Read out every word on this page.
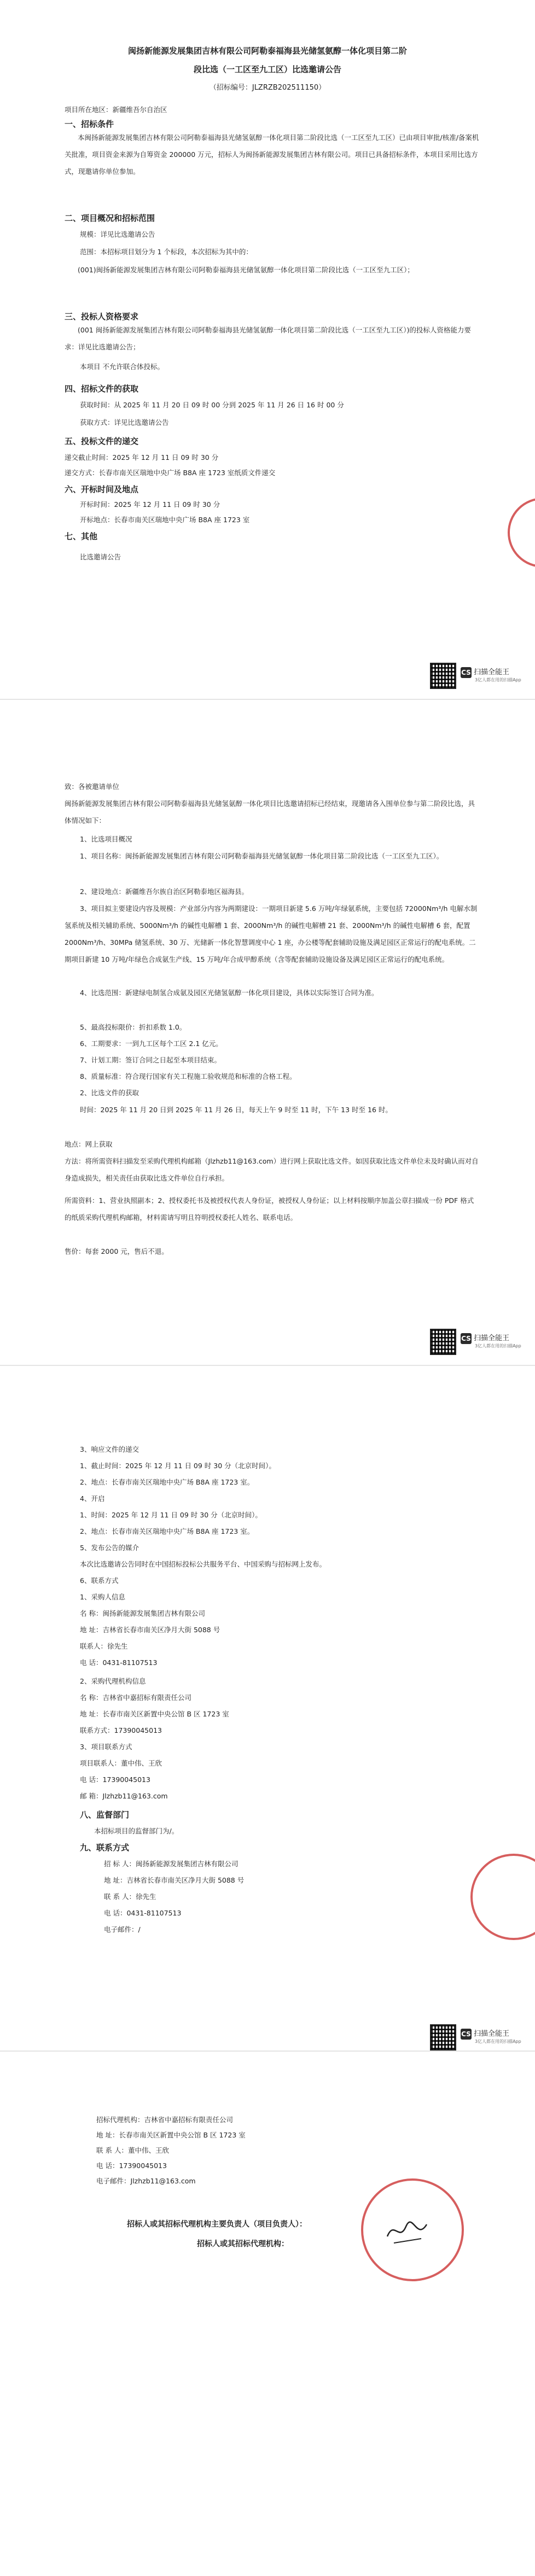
闽扬新能源发展集团吉林有限公司阿勒泰福海县光储氢氨醇一体化项目第二阶
段比选（一工区至九工区）比选邀请公告
（招标编号：JLZRZB202511150）
项目所在地区：新疆维吾尔自治区
一、招标条件
本闽扬新能源发展集团吉林有限公司阿勒泰福海县光储氢氨醇一体化项目第二阶段比选（一工区至九工区）已由项目审批/核准/备案机关批准，项目资金来源为自筹资金 200000 万元，招标人为闽扬新能源发展集团吉林有限公司。项目已具备招标条件，本项目采用比选方式，现邀请你单位参加。
二、项目概况和招标范围
规模：详见比选邀请公告
范围：本招标项目划分为 1 个标段，本次招标为其中的：
(001)闽扬新能源发展集团吉林有限公司阿勒泰福海县光储氢氨醇一体化项目第二阶段比选（一工区至九工区）；
三、投标人资格要求
(001 闽扬新能源发展集团吉林有限公司阿勒泰福海县光储氢氨醇一体化项目第二阶段比选（一工区至九工区）)的投标人资格能力要求：详见比选邀请公告；
本项目 不允许联合体投标。
四、招标文件的获取
获取时间：从 2025 年 11 月 20 日 09 时 00 分到 2025 年 11 月 26 日 16 时 00 分
获取方式：详见比选邀请公告
五、投标文件的递交
递交截止时间：2025 年 12 月 11 日 09 时 30 分
递交方式：长春市南关区瑞地中央广场 B8A 座 1723 室纸质文件递交
六、开标时间及地点
开标时间：2025 年 12 月 11 日 09 时 30 分
开标地点：长春市南关区瑞地中央广场 B8A 座 1723 室
七、其他
比选邀请公告
CS 扫描全能王
3亿人都在用的扫描App
致：各被邀请单位
闽扬新能源发展集团吉林有限公司阿勒泰福海县光储氢氨醇一体化项目比选邀请招标已经结束，现邀请各入围单位参与第二阶段比选，具体情况如下：
1、比选项目概况
1、项目名称：闽扬新能源发展集团吉林有限公司阿勒泰福海县光储氢氨醇一体化项目第二阶段比选（一工区至九工区）。
2、建设地点：新疆维吾尔族自治区阿勒泰地区福海县。
3、项目拟主要建设内容及规模：产业部分内容为两期建设：一期项目新建 5.6 万吨/年绿氨系统，主要包括 72000Nm³/h 电解水制氢系统及相关辅助系统、5000Nm³/h 的碱性电解槽 1 套、2000Nm³/h 的碱性电解槽 21 套、2000Nm³/h 的碱性电解槽 6 套，配置 2000Nm³/h、30MPa 储氢系统、30 万、光储新一体化智慧调度中心 1 座，办公楼等配套辅助设施及满足园区正常运行的配电系统。二期项目新建 10 万吨/年绿色合成氨生产线、15 万吨/年合成甲醇系统（含等配套辅助设施设备及满足园区正常运行的配电系统。
4、比选范围：新建绿电制氢合成氨及园区光储氢氨醇一体化项目建设，具体以实际签订合同为准。
5、最高投标限价：折扣系数 1.0。
6、工期要求：一到九工区每个工区 2.1 亿元。
7、计划工期：签订合同之日起至本项目结束。
8、质量标准：符合现行国家有关工程施工验收规范和标准的合格工程。
2、比选文件的获取
时间：2025 年 11 月 20 日到 2025 年 11 月 26 日，每天上午 9 时至 11 时，下午 13 时至 16 时。
地点：网上获取
方法：将所需资料扫描发至采购代理机构邮箱（Jlzhzb11@163.com）进行网上获取比选文件。如因获取比选文件单位未及时确认而对自身造成损失，相关责任由获取比选文件单位自行承担。
所需资料：1、营业执照副本；2、授权委托书及被授权代表人身份证，被授权人身份证；以上材料按顺序加盖公章扫描成一份 PDF 格式的纸质采购代理机构邮箱，材料需请写明且符明授权委托人姓名、联系电话。
售价：每套 2000 元，售后不退。
CS 扫描全能王
3亿人都在用的扫描App
3、响应文件的递交
1、截止时间：2025 年 12 月 11 日 09 时 30 分（北京时间）。
2、地点：长春市南关区瑞地中央广场 B8A 座 1723 室。
4、开启
1、时间：2025 年 12 月 11 日 09 时 30 分（北京时间）。
2、地点：长春市南关区瑞地中央广场 B8A 座 1723 室。
5、发布公告的媒介
本次比选邀请公告同时在中国招标投标公共服务平台、中国采购与招标网上发布。
6、联系方式
1、采购人信息
名 称：闽扬新能源发展集团吉林有限公司
地 址：吉林省长春市南关区净月大街 5088 号
联系人：徐先生
电 话：0431-81107513
2、采购代理机构信息
名 称：吉林省中嘉招标有限责任公司
地 址：长春市南关区新置中央公馆 B 区 1723 室
联系方式：17390045013
3、项目联系方式
项目联系人：董中伟、王欣
电 话：17390045013
邮 箱：Jlzhzb11@163.com
八、监督部门
本招标项目的监督部门为/。
九、联系方式
招 标 人：闽扬新能源发展集团吉林有限公司
地 址：吉林省长春市南关区净月大街 5088 号
联 系 人：徐先生
电 话：0431-81107513
电子邮件：/
CS 扫描全能王
3亿人都在用的扫描App
招标代理机构：吉林省中嘉招标有限责任公司
地 址：长春市南关区新置中央公馆 B 区 1723 室
联 系 人：董中伟、王欣
电 话：17390045013
电子邮件：Jlzhzb11@163.com
招标人或其招标代理机构主要负责人（项目负责人）：
招标人或其招标代理机构：
